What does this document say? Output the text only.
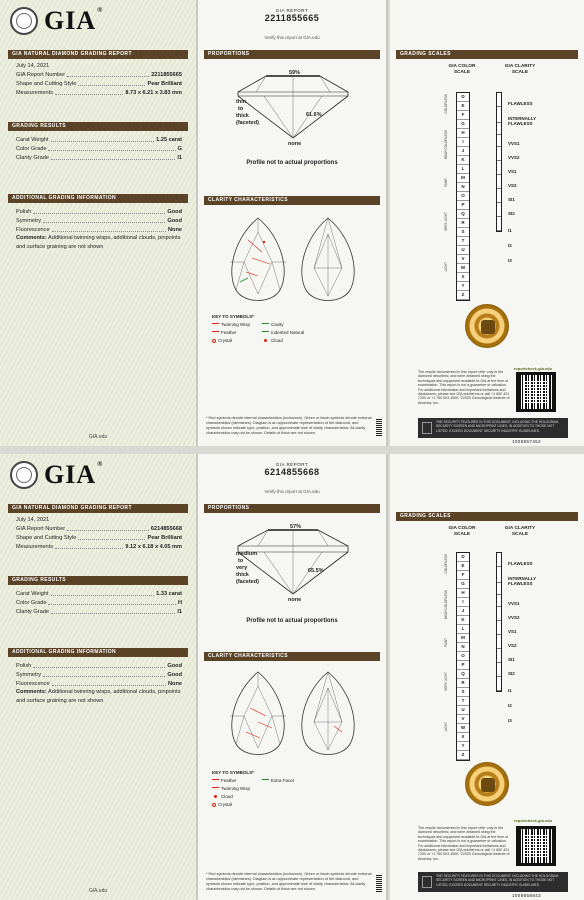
GIA®
GIA NATURAL DIAMOND GRADING REPORT
July 14, 2021
GIA Report Number	2211855665
Shape and Cutting Style	Pear Brilliant
Measurements	8.73 x 6.21 x 3.83 mm
GRADING RESULTS
Carat Weight	1.25 carat
Color Grade	G
Clarity Grade	I1
ADDITIONAL GRADING INFORMATION
Polish	Good
Symmetry	Good
Fluorescence	None
Comments: Additional twinning wisps, additional clouds, pinpoints and surface graining are not shown
GIA.edu
GIA REPORT
2211855665
Verify this report at GIA.edu
PROPORTIONS
59%
61.6%
thin
to
thick
(faceted)
none
Profile not to actual proportions
CLARITY CHARACTERISTICS
KEY TO SYMBOLS*
Twinning Wisp	Cavity
Feather	Indented Natural
Crystal	Cloud
* Red symbols denote internal characteristics (inclusions). Green or black symbols denote external characteristics (blemishes). Diagram is an approximate representation of the diamond, and symbols shown indicate type, position, and approximate size of clarity characteristics. All clarity characteristics may not be shown. Details of finish are not shown.
GRADING SCALES
GIA COLOR SCALE
GIA CLARITY SCALE
D
E
F
G
H
I
J
K
L
M
N
O
P
Q
R
S
T
U
V
W
X
Y
Z
COLORLESS
NEAR COLORLESS
FAINT
VERY LIGHT
LIGHT
FLAWLESS
INTERNALLY FLAWLESS
VVS1
VVS2
VS1
VS2
SI1
SI2
I1
I2
I3
reportcheck.gia.edu
The results documented in this report refer only to the diamond described, and were obtained using the techniques and equipment available to GIA at the time of examination. This report is not a guarantee or valuation. For additional information and important limitations and disclaimers, please see GIA.edu/terms or call +1 800 421 7250 or +1 760 603 4500. ©2020 Gemological Institute of America, Inc.
THE SECURITY FEATURES IN THIS DOCUMENT, INCLUDING THE HOLOGRAM, SECURITY SCREEN AND MICROPRINT LINES, IN ADDITION TO THOSE NOT LISTED, EXCEED DOCUMENT SECURITY INDUSTRY GUIDELINES.
1008857452
GIA®
GIA NATURAL DIAMOND GRADING REPORT
July 14, 2021
GIA Report Number	6214855668
Shape and Cutting Style	Pear Brilliant
Measurements	9.12 x 6.18 x 4.05 mm
GRADING RESULTS
Carat Weight	1.33 carat
Color Grade	H
Clarity Grade	I1
ADDITIONAL GRADING INFORMATION
Polish	Good
Symmetry	Good
Fluorescence	None
Comments: Additional twinning wisps, additional clouds, pinpoints and surface graining are not shown
GIA.edu
GIA REPORT
6214855668
Verify this report at GIA.edu
PROPORTIONS
57%
65.5%
medium
to
very
thick
(faceted)
none
Profile not to actual proportions
CLARITY CHARACTERISTICS
KEY TO SYMBOLS*
Feather	Extra Facet
Twinning Wisp
Cloud
Crystal
* Red symbols denote internal characteristics (inclusions). Green or black symbols denote external characteristics (blemishes). Diagram is an approximate representation of the diamond, and symbols shown indicate type, position, and approximate size of clarity characteristics. All clarity characteristics may not be shown. Details of finish are not shown.
GRADING SCALES
GIA COLOR SCALE
GIA CLARITY SCALE
D
E
F
G
H
I
J
K
L
M
N
O
P
Q
R
S
T
U
V
W
X
Y
Z
COLORLESS
NEAR COLORLESS
FAINT
VERY LIGHT
LIGHT
FLAWLESS
INTERNALLY FLAWLESS
VVS1
VVS2
VS1
VS2
SI1
SI2
I1
I2
I3
reportcheck.gia.edu
The results documented in this report refer only to the diamond described, and were obtained using the techniques and equipment available to GIA at the time of examination. This report is not a guarantee or valuation. For additional information and important limitations and disclaimers, please see GIA.edu/terms or call +1 800 421 7250 or +1 760 603 4500. ©2020 Gemological Institute of America, Inc.
THE SECURITY FEATURES IN THIS DOCUMENT, INCLUDING THE HOLOGRAM, SECURITY SCREEN AND MICROPRINT LINES, IN ADDITION TO THOSE NOT LISTED, EXCEED DOCUMENT SECURITY INDUSTRY GUIDELINES.
1008858843
